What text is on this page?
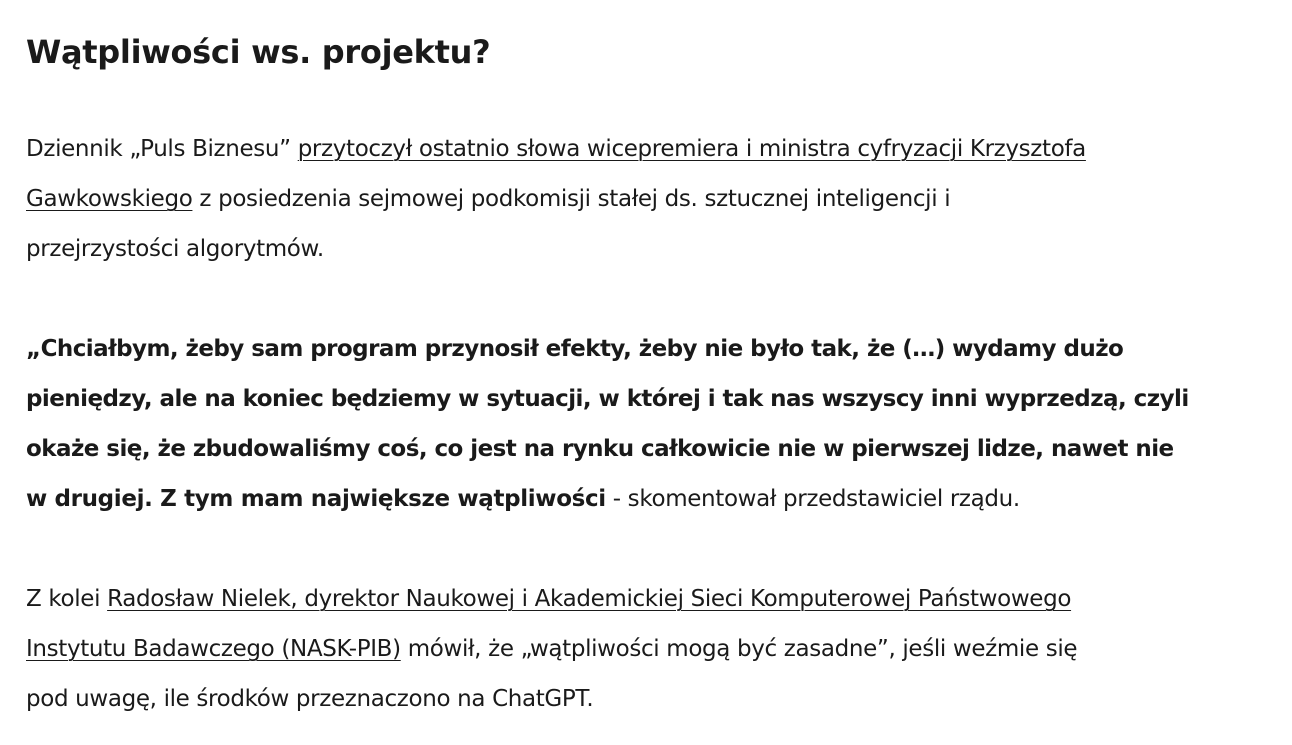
Wątpliwości ws. projektu?

Dziennik „Puls Biznesu” przytoczył ostatnio słowa wicepremiera i ministra cyfryzacji Krzysztofa

Gawkowskiego z posiedzenia sejmowej podkomisji stałej ds. sztucznej inteligencji i

przejrzystości algorytmów.

„Chciałbym, żeby sam program przynosił efekty, żeby nie było tak, że (…) wydamy dużo

pieniędzy, ale na koniec będziemy w sytuacji, w której i tak nas wszyscy inni wyprzedzą, czyli

okaże się, że zbudowaliśmy coś, co jest na rynku całkowicie nie w pierwszej lidze, nawet nie

w drugiej. Z tym mam największe wątpliwości - skomentował przedstawiciel rządu.

Z kolei Radosław Nielek, dyrektor Naukowej i Akademickiej Sieci Komputerowej Państwowego

Instytutu Badawczego (NASK-PIB) mówił, że „wątpliwości mogą być zasadne”, jeśli weźmie się

pod uwagę, ile środków przeznaczono na ChatGPT.
